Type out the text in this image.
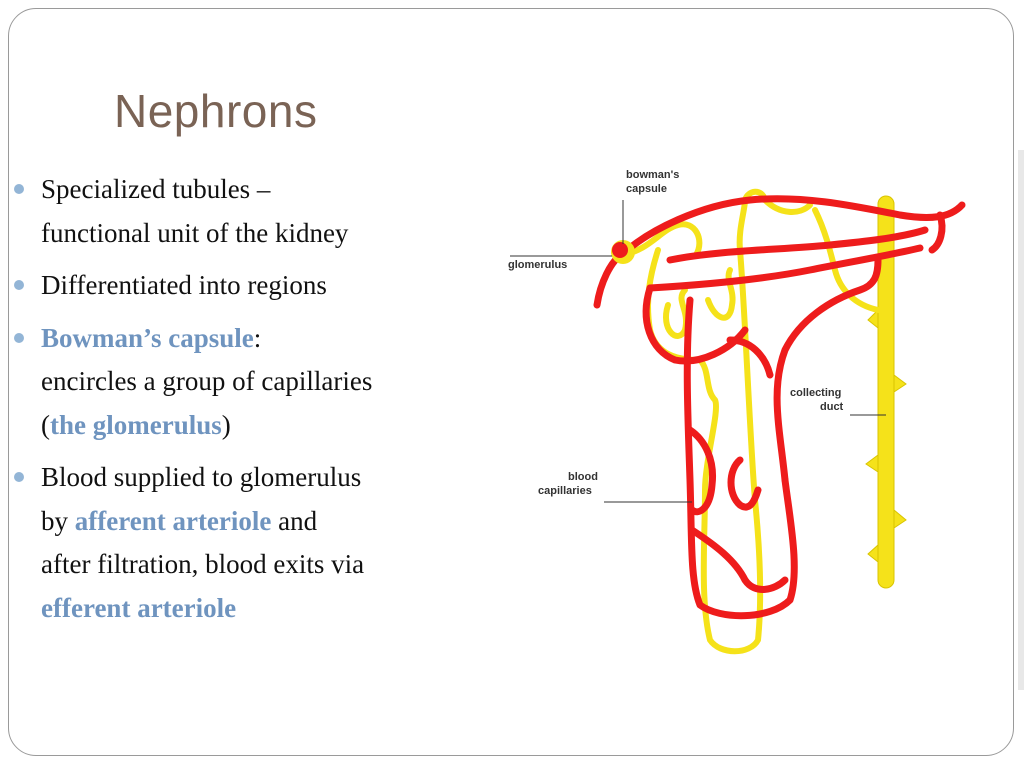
Nephrons
Specialized tubules –
functional unit of the kidney
Differentiated into regions
Bowman’s capsule:
encircles a group of capillaries
(the glomerulus)
Blood supplied to glomerulus
by afferent arteriole and
after filtration, blood exits via
efferent arteriole
bowman's
capsule
glomerulus
collecting
duct
blood
capillaries
